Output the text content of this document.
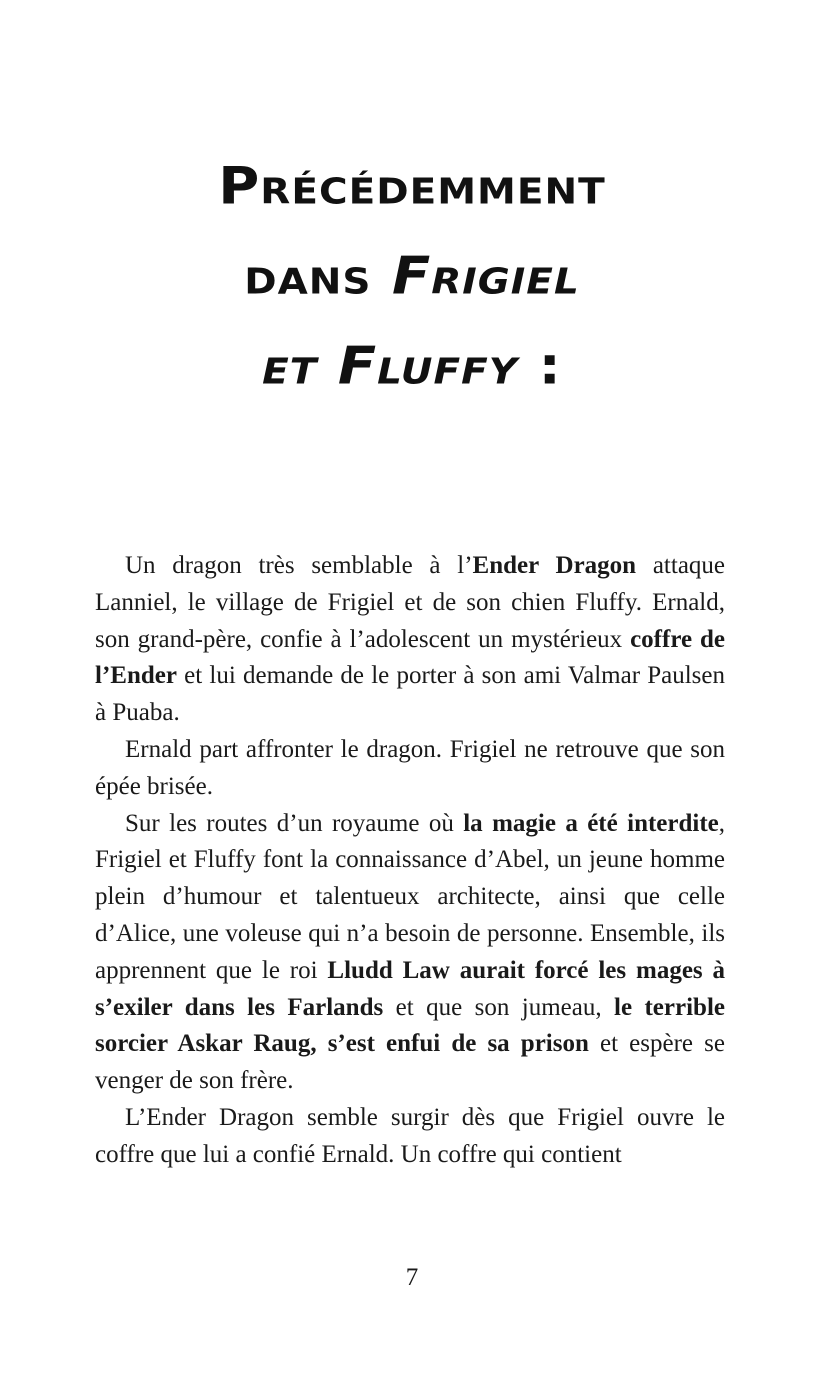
Précédemment
dans Frigiel
et Fluffy :

Un dragon très semblable à l’Ender Dragon attaque Lanniel, le village de Frigiel et de son chien Fluffy. Ernald, son grand-père, confie à l’adolescent un mystérieux coffre de l’Ender et lui demande de le porter à son ami Valmar Paulsen à Puaba.

Ernald part affronter le dragon. Frigiel ne retrouve que son épée brisée.

Sur les routes d’un royaume où la magie a été interdite, Frigiel et Fluffy font la connaissance d’Abel, un jeune homme plein d’humour et talentueux architecte, ainsi que celle d’Alice, une voleuse qui n’a besoin de personne. Ensemble, ils apprennent que le roi Lludd Law aurait forcé les mages à s’exiler dans les Farlands et que son jumeau, le terrible sorcier Askar Raug, s’est enfui de sa prison et espère se venger de son frère.

L’Ender Dragon semble surgir dès que Frigiel ouvre le coffre que lui a confié Ernald. Un coffre qui contient

7
